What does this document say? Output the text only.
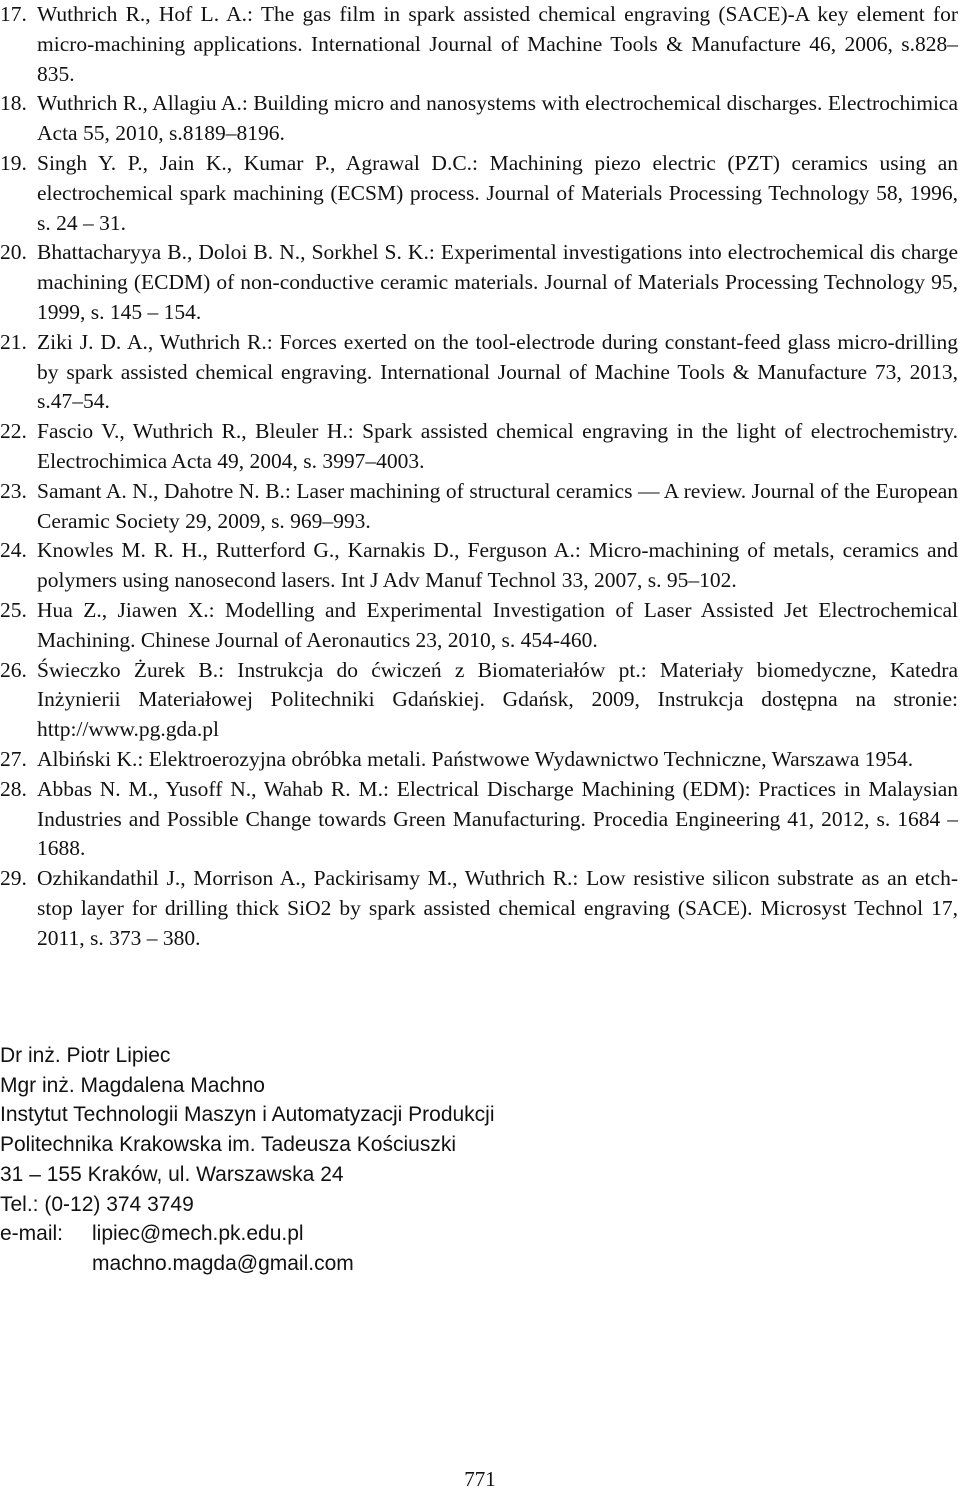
17. Wuthrich R., Hof L. A.: The gas film in spark assisted chemical engraving (SACE)-A key element for micro-machining applications. International Journal of Machine Tools & Manufacture 46, 2006, s.828–835.
18. Wuthrich R., Allagiu A.: Building micro and nanosystems with electrochemical discharges. Electrochimica Acta 55, 2010, s.8189–8196.
19. Singh Y. P., Jain K., Kumar P., Agrawal D.C.: Machining piezo electric (PZT) ceramics using an electrochemical spark machining (ECSM) process. Journal of Materials Processing Technology 58, 1996, s. 24 – 31.
20. Bhattacharyya B., Doloi B. N., Sorkhel S. K.: Experimental investigations into electrochemical dis charge machining (ECDM) of non-conductive ceramic materials. Journal of Materials Processing Technology 95, 1999, s. 145 – 154.
21. Ziki J. D. A., Wuthrich R.: Forces exerted on the tool-electrode during constant-feed glass micro-drilling by spark assisted chemical engraving. International Journal of Machine Tools & Manufacture 73, 2013, s.47–54.
22. Fascio V., Wuthrich R., Bleuler H.: Spark assisted chemical engraving in the light of electrochemistry. Electrochimica Acta 49, 2004, s. 3997–4003.
23. Samant A. N., Dahotre N. B.: Laser machining of structural ceramics — A review. Journal of the European Ceramic Society 29, 2009, s. 969–993.
24. Knowles M. R. H., Rutterford G., Karnakis D., Ferguson A.: Micro-machining of metals, ceramics and polymers using nanosecond lasers. Int J Adv Manuf Technol 33, 2007, s. 95–102.
25. Hua Z., Jiawen X.: Modelling and Experimental Investigation of Laser Assisted Jet Electrochemical Machining. Chinese Journal of Aeronautics 23, 2010, s. 454-460.
26. Świeczko Żurek B.: Instrukcja do ćwiczeń z Biomateriałów pt.: Materiały biomedyczne, Katedra Inżynierii Materiałowej Politechniki Gdańskiej. Gdańsk, 2009, Instrukcja dostępna na stronie: http://www.pg.gda.pl
27. Albiński K.: Elektroerozyjna obróbka metali. Państwowe Wydawnictwo Techniczne, Warszawa 1954.
28. Abbas N. M., Yusoff N., Wahab R. M.: Electrical Discharge Machining (EDM): Practices in Malaysian Industries and Possible Change towards Green Manufacturing. Procedia Engineering 41, 2012, s. 1684 – 1688.
29. Ozhikandathil J., Morrison A., Packirisamy M., Wuthrich R.: Low resistive silicon substrate as an etch-stop layer for drilling thick SiO2 by spark assisted chemical engraving (SACE). Microsyst Technol 17, 2011, s. 373 – 380.
Dr inż. Piotr Lipiec
Mgr inż. Magdalena Machno
Instytut Technologii Maszyn i Automatyzacji Produkcji
Politechnika Krakowska im. Tadeusza Kościuszki
31 – 155 Kraków, ul. Warszawska 24
Tel.: (0-12) 374 3749
e-mail: lipiec@mech.pk.edu.pl
machno.magda@gmail.com
771
